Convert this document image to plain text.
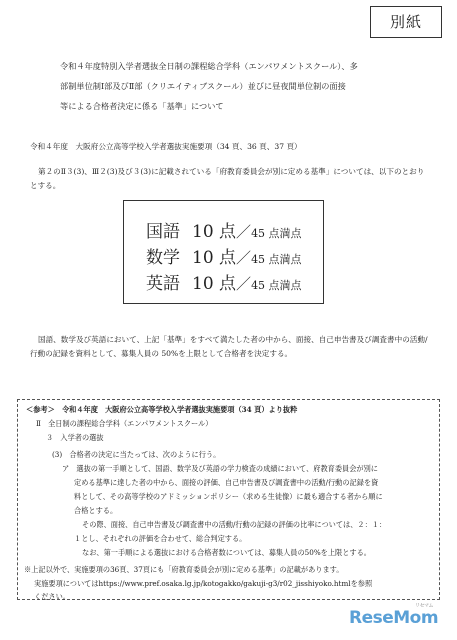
別紙
令和４年度特別入学者選抜全日制の課程総合学科（エンパワメントスクール）、多
部制単位制Ⅰ部及びⅡ部（クリエイティブスクール）並びに昼夜間単位制の面接
等による合格者決定に係る「基準」について
令和４年度　大阪府公立高等学校入学者選抜実施要項（34 頁、36 頁、37 頁）
第２のⅡ３(3)、Ⅲ２(3)及び３(3)に記載されている「府教育委員会が別に定める基準」については、以下のとおりとする。
国語 10 点／45 点満点
数学 10 点／45 点満点
英語 10 点／45 点満点
国語、数学及び英語において、上記「基準」をすべて満たした者の中から、面接、自己申告書及び調査書中の活動/行動の記録を資料として、募集人員の 50%を上限として合格者を決定する。
＜参考＞　令和４年度　大阪府公立高等学校入学者選抜実施要項（34 頁）より抜粋
Ⅱ　全日制の課程総合学科（エンパワメントスクール）
３　入学者の選抜
(3)　合格者の決定に当たっては、次のように行う。
ア　選抜の第一手順として、国語、数学及び英語の学力検査の成績において、府教育委員会が別に
定める基準に達した者の中から、面接の評価、自己申告書及び調査書中の活動/行動の記録を資
料として、その高等学校のアドミッションポリシー（求める生徒像）に最も適合する者から順に
合格とする。
その際、面接、自己申告書及び調査書中の活動/行動の記録の評価の比率については、２：１：
１とし、それぞれの評価を合わせて、総合判定する。
なお、第一手順による選抜における合格者数については、募集人員の50%を上限とする。
※上記以外で、実施要項の36頁、37頁にも「府教育委員会が別に定める基準」の記載があります。
実施要項についてはhttps://www.pref.osaka.lg.jp/kotogakko/gakuji-g3/r02_jisshiyoko.htmlを参照
ください。
ReseMom
リセマム
